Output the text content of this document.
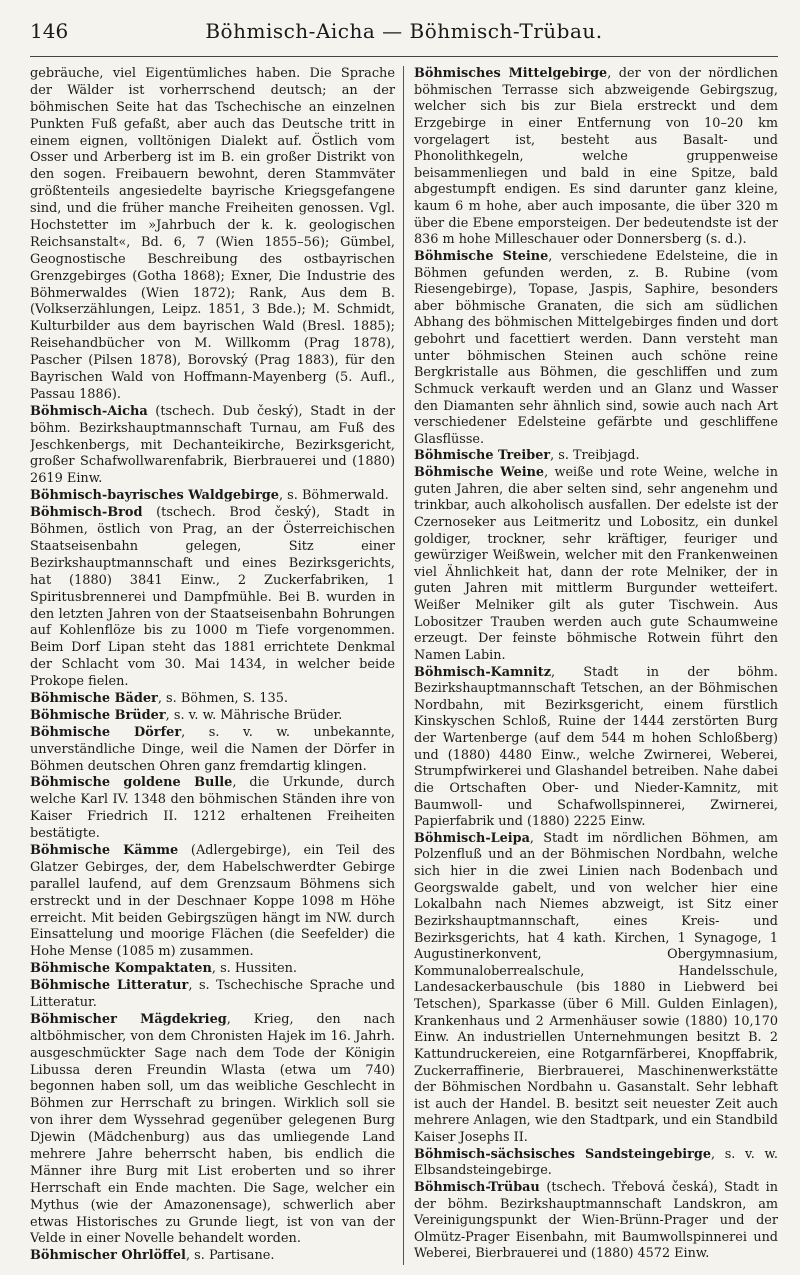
146	Böhmisch-Aicha — Böhmisch-Trübau.

gebräuche, viel Eigentümliches haben. Die Sprache der Wälder ist vorherrschend deutsch; an der böhmischen Seite hat das Tschechische an einzelnen Punkten Fuß gefaßt, aber auch das Deutsche tritt in einem eignen, volltönigen Dialekt auf. Östlich vom Osser und Arberberg ist im B. ein großer Distrikt von den sogen. Freibauern bewohnt, deren Stammväter größtenteils angesiedelte bayrische Kriegsgefangene sind, und die früher manche Freiheiten genossen. Vgl. Hochstetter im »Jahrbuch der k. k. geologischen Reichsanstalt«, Bd. 6, 7 (Wien 1855–56); Gümbel, Geognostische Beschreibung des ostbayrischen Grenzgebirges (Gotha 1868); Exner, Die Industrie des Böhmerwaldes (Wien 1872); Rank, Aus dem B. (Volkserzählungen, Leipz. 1851, 3 Bde.); M. Schmidt, Kulturbilder aus dem bayrischen Wald (Bresl. 1885); Reisehandbücher von M. Willkomm (Prag 1878), Pascher (Pilsen 1878), Borovský (Prag 1883), für den Bayrischen Wald von Hoffmann-Mayenberg (5. Aufl., Passau 1886).

Böhmisch-Aicha (tschech. Dub český), Stadt in der böhm. Bezirkshauptmannschaft Turnau, am Fuß des Jeschkenbergs, mit Dechanteikirche, Bezirksgericht, großer Schafwollwarenfabrik, Bierbrauerei und (1880) 2619 Einw.

Böhmisch-bayrisches Waldgebirge, s. Böhmerwald.

Böhmisch-Brod (tschech. Brod český), Stadt in Böhmen, östlich von Prag, an der Österreichischen Staatseisenbahn gelegen, Sitz einer Bezirkshauptmannschaft und eines Bezirksgerichts, hat (1880) 3841 Einw., 2 Zuckerfabriken, 1 Spiritusbrennerei und Dampfmühle. Bei B. wurden in den letzten Jahren von der Staatseisenbahn Bohrungen auf Kohlenflöze bis zu 1000 m Tiefe vorgenommen. Beim Dorf Lipan steht das 1881 errichtete Denkmal der Schlacht vom 30. Mai 1434, in welcher beide Prokope fielen.

Böhmische Bäder, s. Böhmen, S. 135.

Böhmische Brüder, s. v. w. Mährische Brüder.

Böhmische Dörfer, s. v. w. unbekannte, unverständliche Dinge, weil die Namen der Dörfer in Böhmen deutschen Ohren ganz fremdartig klingen.

Böhmische goldene Bulle, die Urkunde, durch welche Karl IV. 1348 den böhmischen Ständen ihre von Kaiser Friedrich II. 1212 erhaltenen Freiheiten bestätigte.

Böhmische Kämme (Adlergebirge), ein Teil des Glatzer Gebirges, der, dem Habelschwerdter Gebirge parallel laufend, auf dem Grenzsaum Böhmens sich erstreckt und in der Deschnaer Koppe 1098 m Höhe erreicht. Mit beiden Gebirgszügen hängt im NW. durch Einsattelung und moorige Flächen (die Seefelder) die Hohe Mense (1085 m) zusammen.

Böhmische Kompaktaten, s. Hussiten.

Böhmische Litteratur, s. Tschechische Sprache und Litteratur.

Böhmischer Mägdekrieg, Krieg, den nach altböhmischer, von dem Chronisten Hajek im 16. Jahrh. ausgeschmückter Sage nach dem Tode der Königin Libussa deren Freundin Wlasta (etwa um 740) begonnen haben soll, um das weibliche Geschlecht in Böhmen zur Herrschaft zu bringen. Wirklich soll sie von ihrer dem Wyssehrad gegenüber gelegenen Burg Djewin (Mädchenburg) aus das umliegende Land mehrere Jahre beherrscht haben, bis endlich die Männer ihre Burg mit List eroberten und so ihrer Herrschaft ein Ende machten. Die Sage, welcher ein Mythus (wie der Amazonensage), schwerlich aber etwas Historisches zu Grunde liegt, ist von van der Velde in einer Novelle behandelt worden.

Böhmischer Ohrlöffel, s. Partisane.

Böhmisches Mittelgebirge, der von der nördlichen böhmischen Terrasse sich abzweigende Gebirgszug, welcher sich bis zur Biela erstreckt und dem Erzgebirge in einer Entfernung von 10–20 km vorgelagert ist, besteht aus Basalt- und Phonolithkegeln, welche gruppenweise beisammenliegen und bald in eine Spitze, bald abgestumpft endigen. Es sind darunter ganz kleine, kaum 6 m hohe, aber auch imposante, die über 320 m über die Ebene emporsteigen. Der bedeutendste ist der 836 m hohe Milleschauer oder Donnersberg (s. d.).

Böhmische Steine, verschiedene Edelsteine, die in Böhmen gefunden werden, z. B. Rubine (vom Riesengebirge), Topase, Jaspis, Saphire, besonders aber böhmische Granaten, die sich am südlichen Abhang des böhmischen Mittelgebirges finden und dort gebohrt und facettiert werden. Dann versteht man unter böhmischen Steinen auch schöne reine Bergkristalle aus Böhmen, die geschliffen und zum Schmuck verkauft werden und an Glanz und Wasser den Diamanten sehr ähnlich sind, sowie auch nach Art verschiedener Edelsteine gefärbte und geschliffene Glasflüsse.

Böhmische Treiber, s. Treibjagd.

Böhmische Weine, weiße und rote Weine, welche in guten Jahren, die aber selten sind, sehr angenehm und trinkbar, auch alkoholisch ausfallen. Der edelste ist der Czernoseker aus Leitmeritz und Lobositz, ein dunkel goldiger, trockner, sehr kräftiger, feuriger und gewürziger Weißwein, welcher mit den Frankenweinen viel Ähnlichkeit hat, dann der rote Melniker, der in guten Jahren mit mittlerm Burgunder wetteifert. Weißer Melniker gilt als guter Tischwein. Aus Lobositzer Trauben werden auch gute Schaumweine erzeugt. Der feinste böhmische Rotwein führt den Namen Labin.

Böhmisch-Kamnitz, Stadt in der böhm. Bezirkshauptmannschaft Tetschen, an der Böhmischen Nordbahn, mit Bezirksgericht, einem fürstlich Kinskyschen Schloß, Ruine der 1444 zerstörten Burg der Wartenberge (auf dem 544 m hohen Schloßberg) und (1880) 4480 Einw., welche Zwirnerei, Weberei, Strumpfwirkerei und Glashandel betreiben. Nahe dabei die Ortschaften Ober- und Nieder-Kamnitz, mit Baumwoll- und Schafwollspinnerei, Zwirnerei, Papierfabrik und (1880) 2225 Einw.

Böhmisch-Leipa, Stadt im nördlichen Böhmen, am Polzenfluß und an der Böhmischen Nordbahn, welche sich hier in die zwei Linien nach Bodenbach und Georgswalde gabelt, und von welcher hier eine Lokalbahn nach Niemes abzweigt, ist Sitz einer Bezirkshauptmannschaft, eines Kreis- und Bezirksgerichts, hat 4 kath. Kirchen, 1 Synagoge, 1 Augustinerkonvent, Obergymnasium, Kommunaloberrealschule, Handelsschule, Landesackerbauschule (bis 1880 in Liebwerd bei Tetschen), Sparkasse (über 6 Mill. Gulden Einlagen), Krankenhaus und 2 Armenhäuser sowie (1880) 10,170 Einw. An industriellen Unternehmungen besitzt B. 2 Kattundruckereien, eine Rotgarnfärberei, Knopffabrik, Zuckerraffinerie, Bierbrauerei, Maschinenwerkstätte der Böhmischen Nordbahn u. Gasanstalt. Sehr lebhaft ist auch der Handel. B. besitzt seit neuester Zeit auch mehrere Anlagen, wie den Stadtpark, und ein Standbild Kaiser Josephs II.

Böhmisch-sächsisches Sandsteingebirge, s. v. w. Elbsandsteingebirge.

Böhmisch-Trübau (tschech. Třebová česká), Stadt in der böhm. Bezirkshauptmannschaft Landskron, am Vereinigungspunkt der Wien-Brünn-Prager und der Olmütz-Prager Eisenbahn, mit Baumwollspinnerei und Weberei, Bierbrauerei und (1880) 4572 Einw.
